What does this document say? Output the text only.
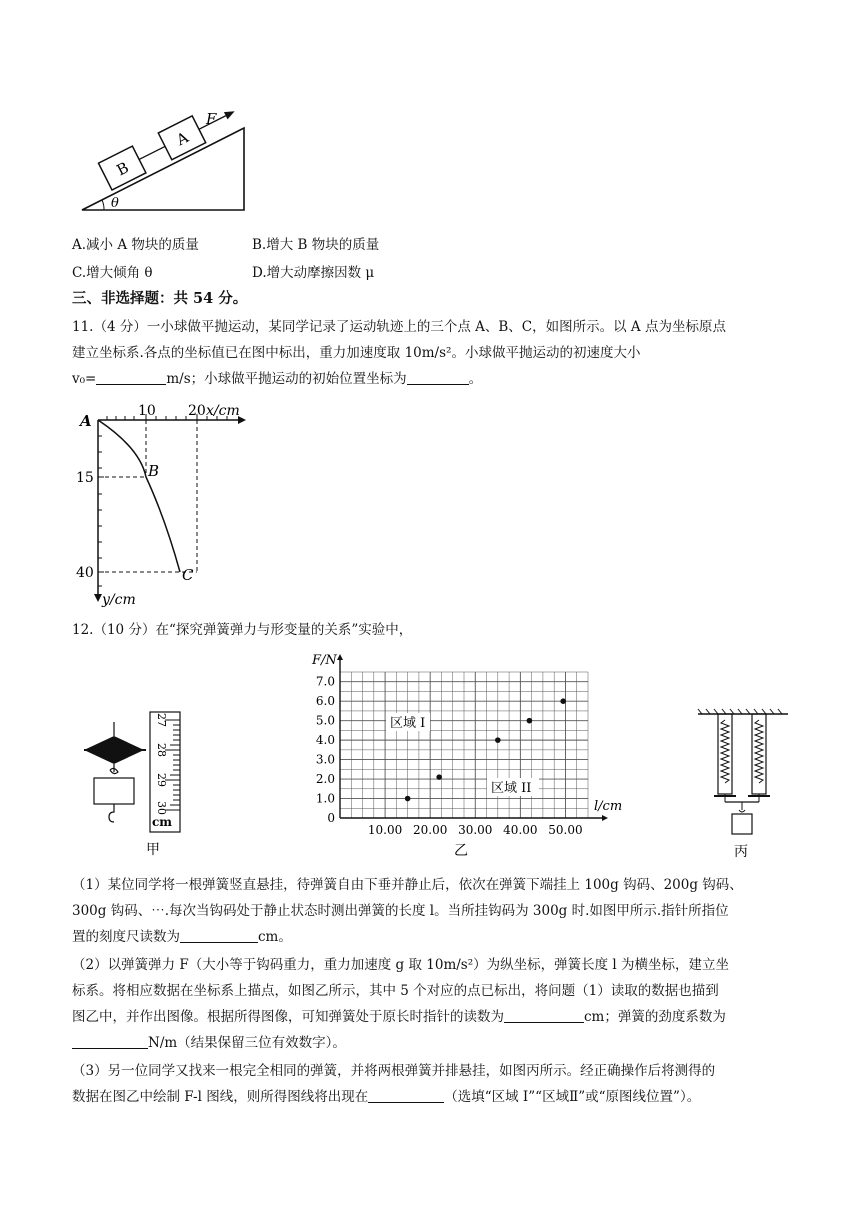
B
A
F
θ
A.减小 A 物块的质量	B.增大 B 物块的质量
C.增大倾角 θ	D.增大动摩擦因数 μ
三、非选择题：共 54 分。
11.（4 分）一小球做平抛运动，某同学记录了运动轨迹上的三个点 A、B、C，如图所示。以 A 点为坐标原点
建立坐标系.各点的坐标值已在图中标出，重力加速度取 10m/s²。小球做平抛运动的初速度大小
v₀=	m/s；小球做平抛运动的初始位置坐标为	。
A
10 20 x/cm
15
40
B
C
y/cm
12.（10 分）在“探究弹簧弹力与形变量的关系”实验中，
27
28
29
30
cm
甲
7.0
6.0
5.0
4.0
3.0
2.0
1.0
0
10.00 20.00 30.00 40.00 50.00
F/N
l/cm
区域 I
区域 II
乙	丙
（1）某位同学将一根弹簧竖直悬挂，待弹簧自由下垂并静止后，依次在弹簧下端挂上 100g 钩码、200g 钩码、
300g 钩码、⋯.每次当钩码处于静止状态时测出弹簧的长度 l。当所挂钩码为 300g 时.如图甲所示.指针所指位
置的刻度尺读数为	cm。
（2）以弹簧弹力 F（大小等于钩码重力，重力加速度 g 取 10m/s²）为纵坐标，弹簧长度 l 为横坐标，建立坐
标系。将相应数据在坐标系上描点，如图乙所示，其中 5 个对应的点已标出，将问题（1）读取的数据也描到
图乙中，并作出图像。根据所得图像，可知弹簧处于原长时指针的读数为	cm；弹簧的劲度系数为
N/m（结果保留三位有效数字）。
（3）另一位同学又找来一根完全相同的弹簧，并将两根弹簧并排悬挂，如图丙所示。经正确操作后将测得的
数据在图乙中绘制 F-l 图线，则所得图线将出现在	（选填“区域 I”“区域Ⅱ”或“原图线位置”）。
